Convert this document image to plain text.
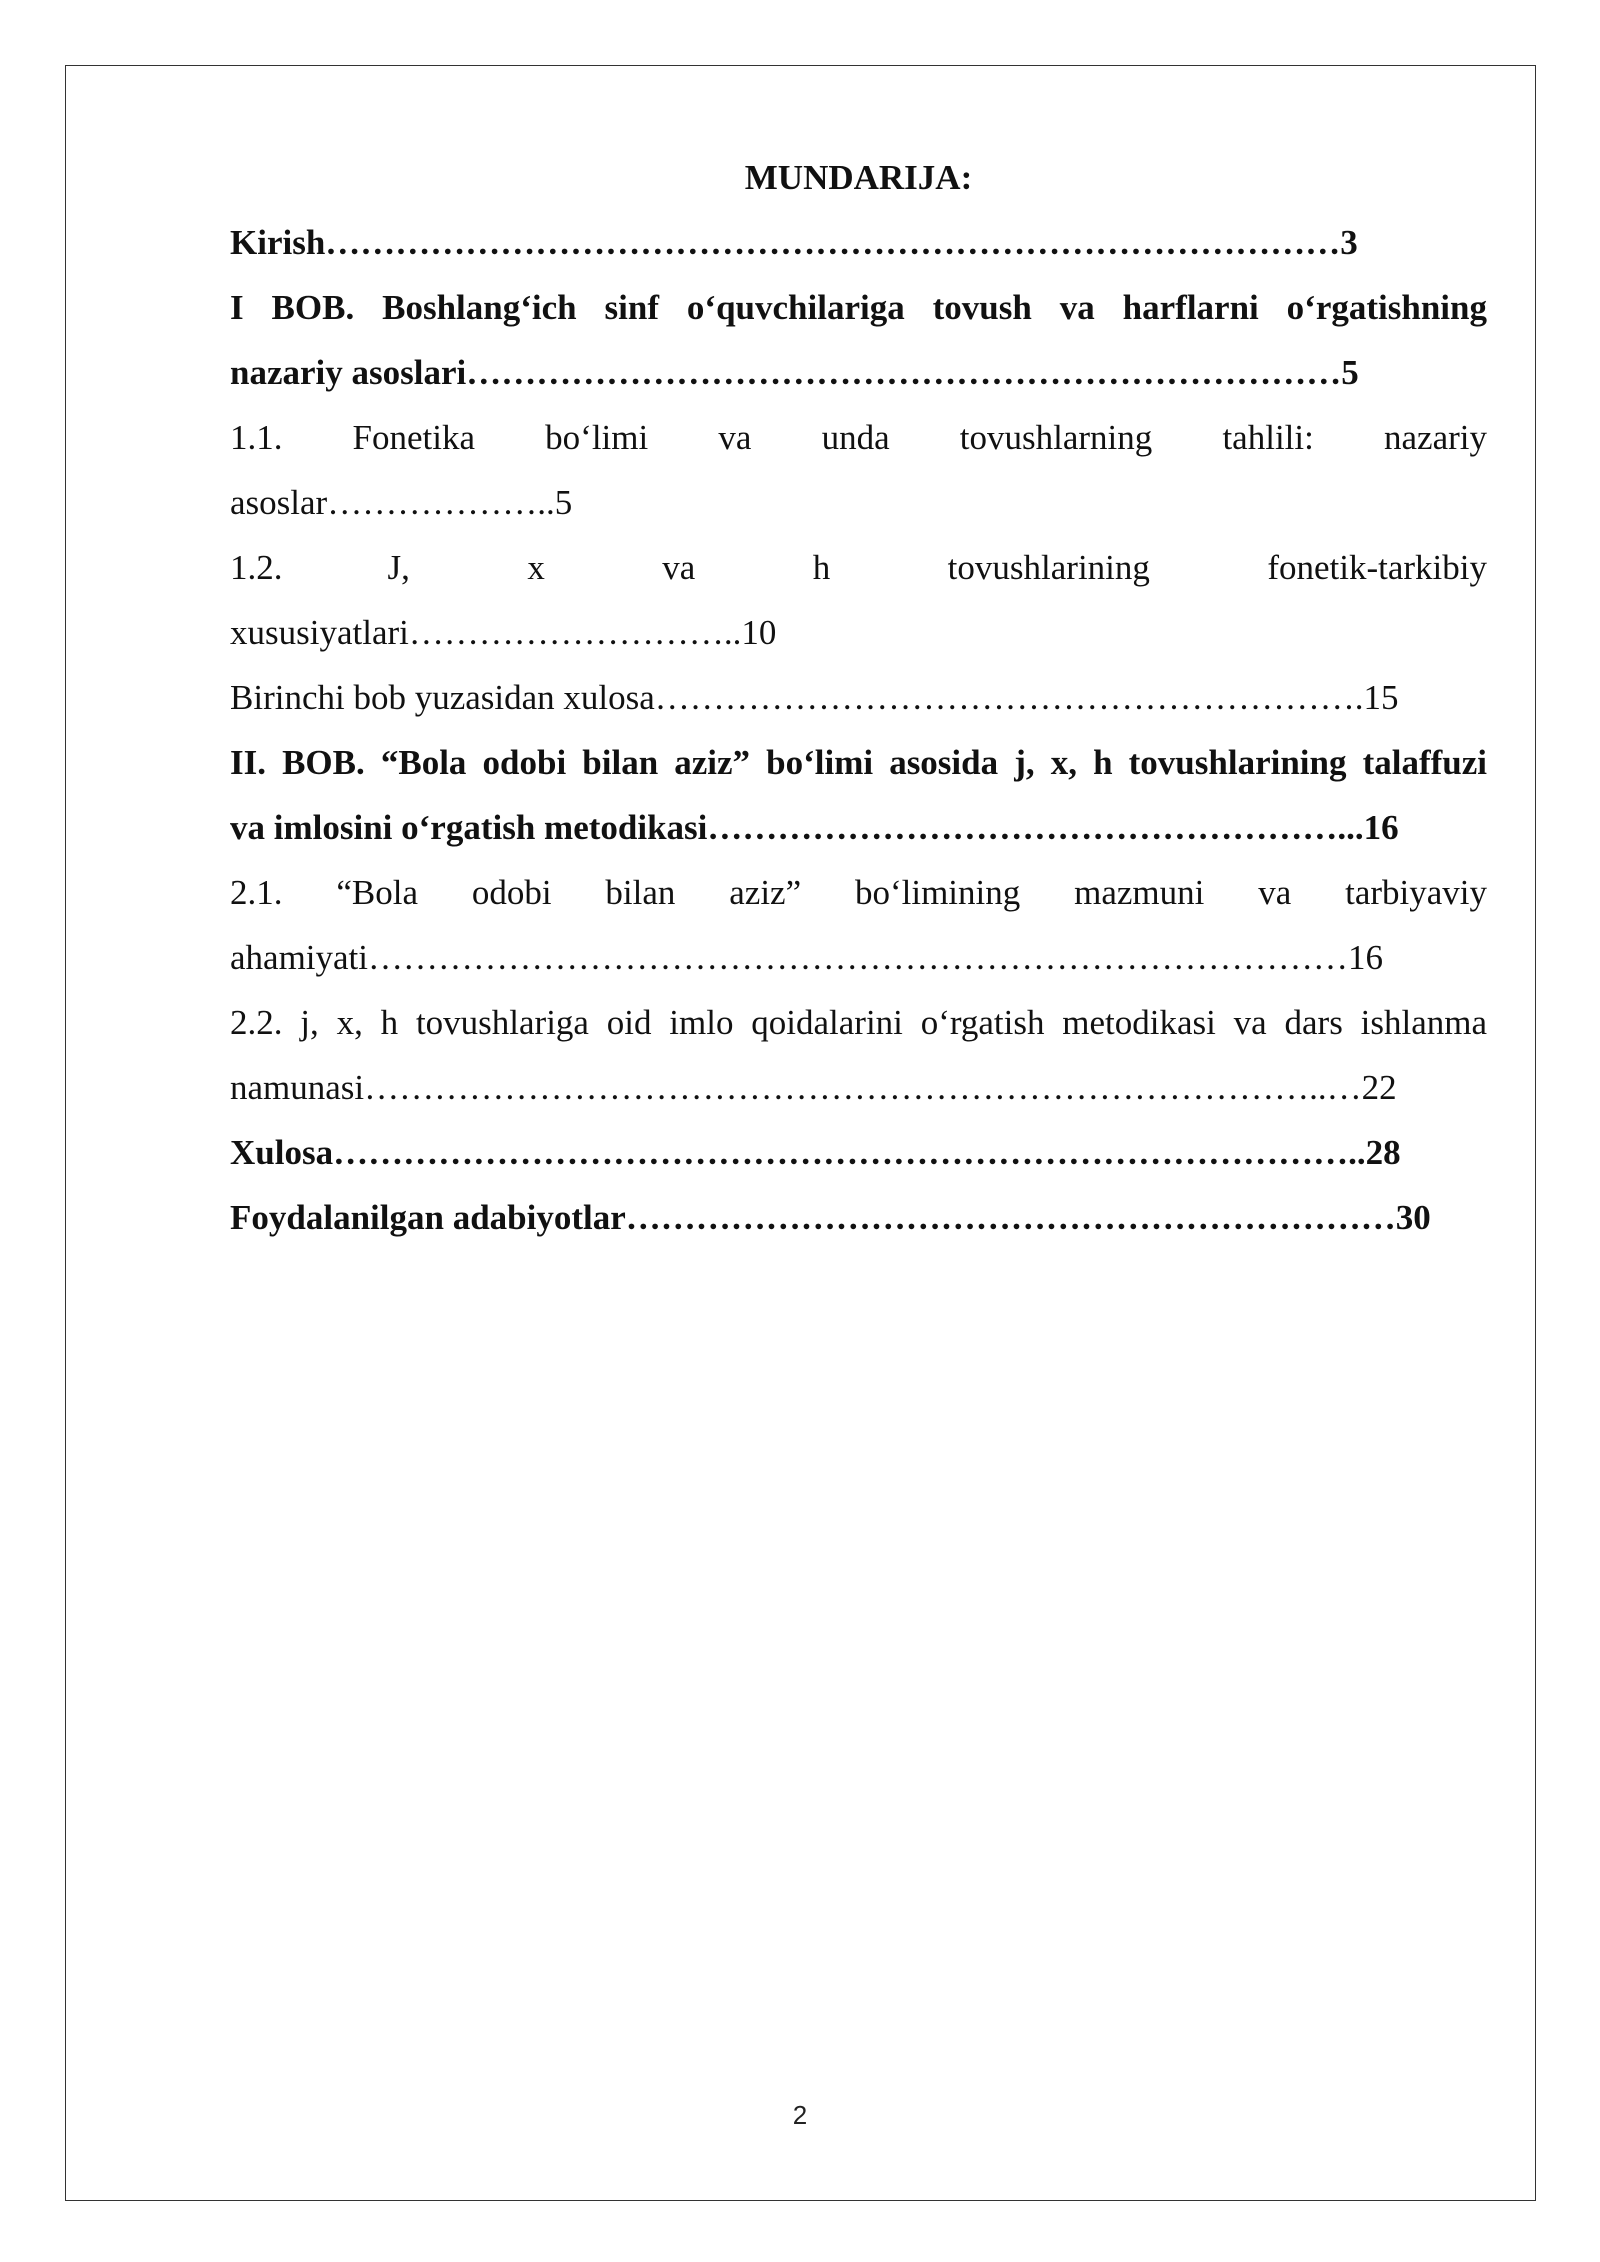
MUNDARIJA:
Kirish……………………………………………………………………………3
I BOB. Boshlang‘ich sinf o‘quvchilariga tovush va harflarni o‘rgatishning
nazariy asoslari…………………………………………………………………5
1.1.  Fonetika bo‘limi va unda tovushlarning tahlili: nazariy
asoslar………………..5
1.2.   J, x va h tovushlarining fonetik-tarkibiy
xususiyatlari………………………..10
Birinchi bob yuzasidan xulosa…………………………………………………….15
II. BOB. “Bola odobi bilan aziz” bo‘limi asosida j, x, h tovushlarining talaffuzi
va imlosini o‘rgatish metodikasi………………………………………………...16
2.1. “Bola odobi bilan aziz” bo‘limining mazmuni va tarbiyaviy
ahamiyati…………………………………………………………………………16
2.2. j, x, h tovushlariga oid imlo qoidalarini o‘rgatish metodikasi va dars ishlanma
namunasi………………………………………………………………………..…22
Xulosa……………………………………………………………………………..28
Foydalanilgan adabiyotlar…………………………………………………………30
2
